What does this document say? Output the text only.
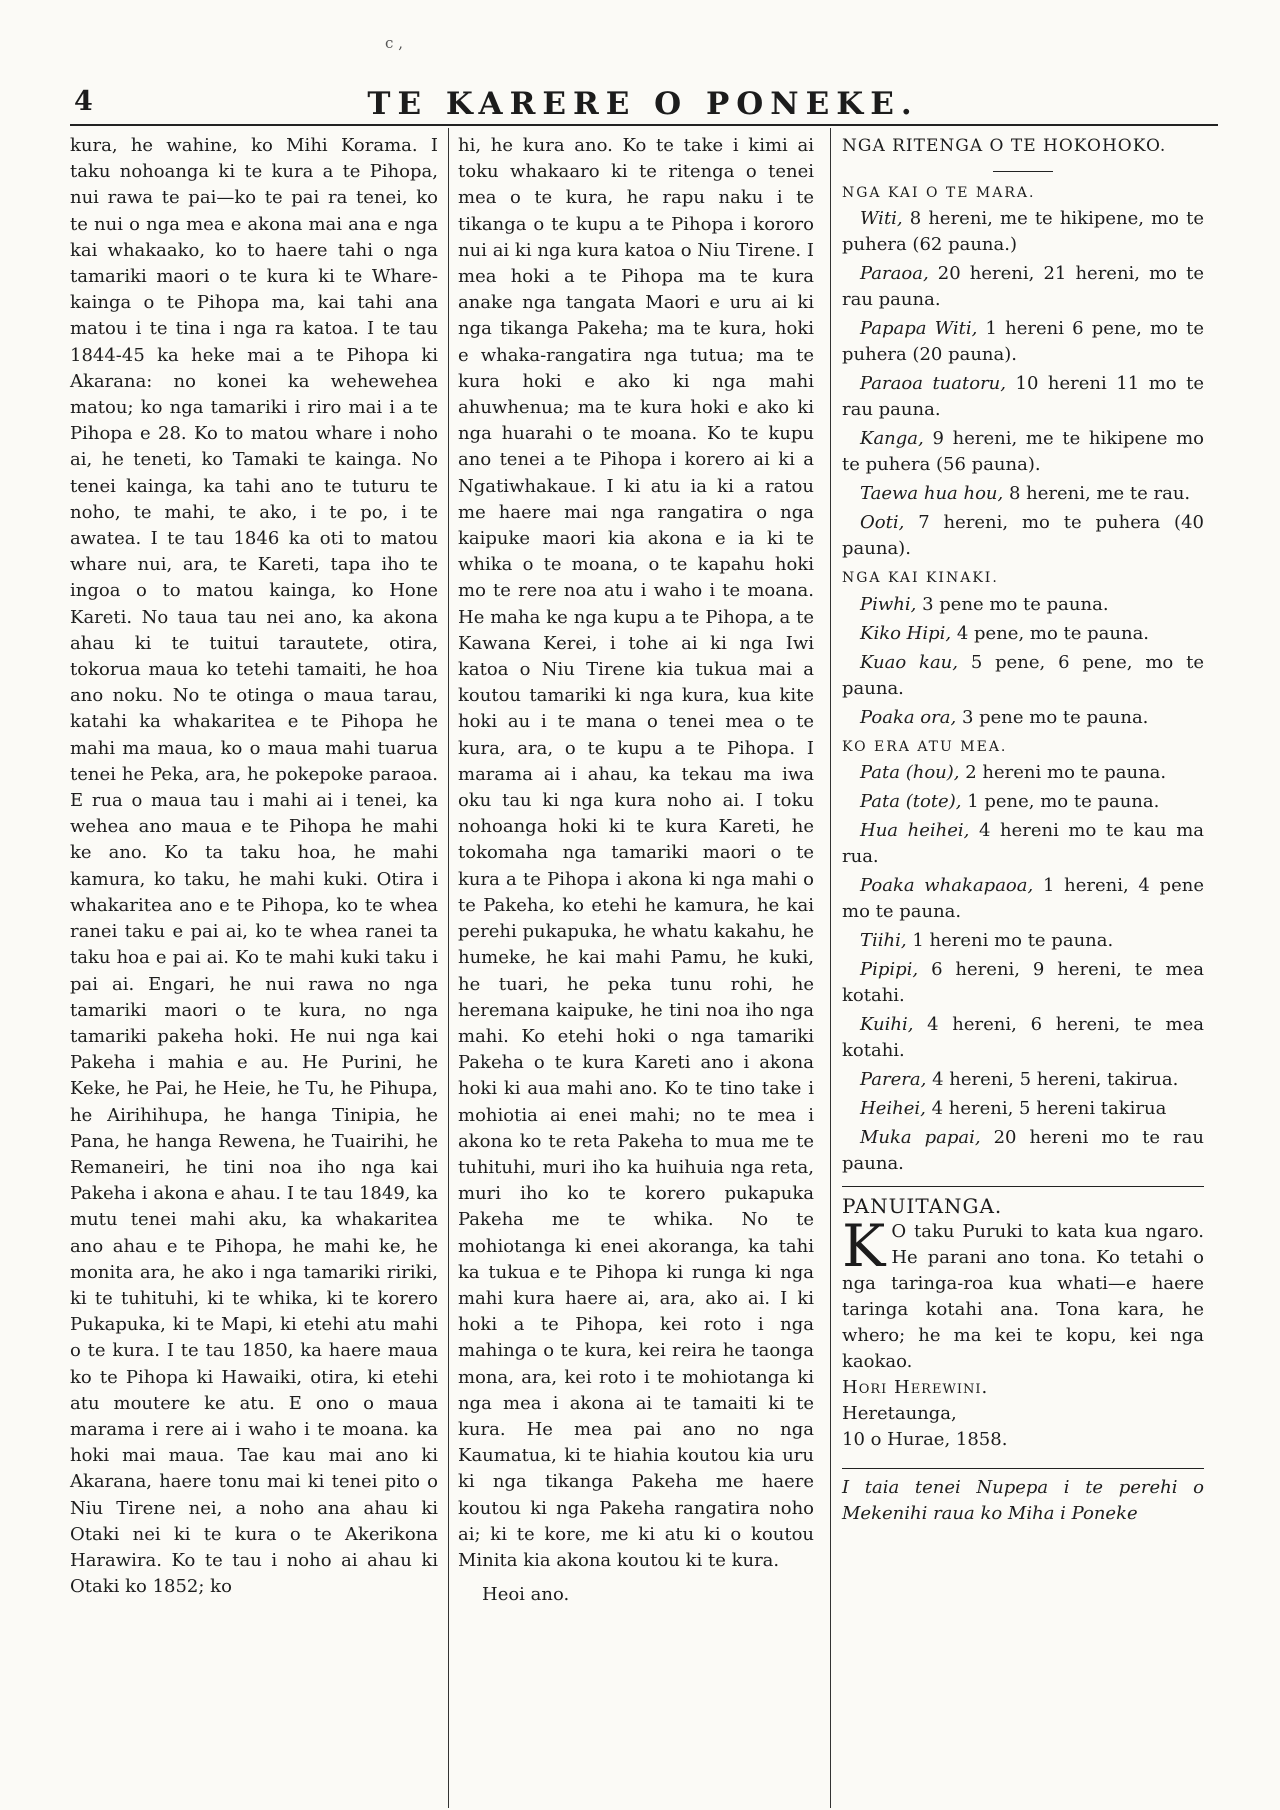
c ‚
4	TE KARERE O PONEKE.

kura, he wahine, ko Mihi Korama. I taku nohoanga ki te kura a te Pihopa, nui rawa te pai—ko te pai ra tenei, ko te nui o nga mea e akona mai ana e nga kai whakaako, ko to haere tahi o nga tamariki maori o te kura ki te Whare-kainga o te Pihopa ma, kai tahi ana matou i te tina i nga ra katoa. I te tau 1844-45 ka heke mai a te Pihopa ki Akarana: no konei ka wehewehea matou; ko nga tamariki i riro mai i a te Pihopa e 28. Ko to matou whare i noho ai, he teneti, ko Tamaki te kainga. No tenei kainga, ka tahi ano te tuturu te noho, te mahi, te ako, i te po, i te awatea. I te tau 1846 ka oti to matou whare nui, ara, te Kareti, tapa iho te ingoa o to matou kainga, ko Hone Kareti. No taua tau nei ano, ka akona ahau ki te tuitui tarautete, otira, tokorua maua ko tetehi tamaiti, he hoa ano noku. No te otinga o maua tarau, katahi ka whakaritea e te Pihopa he mahi ma maua, ko o maua mahi tuarua tenei he Peka, ara, he pokepoke paraoa. E rua o maua tau i mahi ai i tenei, ka wehea ano maua e te Pihopa he mahi ke ano. Ko ta taku hoa, he mahi kamura, ko taku, he mahi kuki. Otira i whakaritea ano e te Pihopa, ko te whea ranei taku e pai ai, ko te whea ranei ta taku hoa e pai ai. Ko te mahi kuki taku i pai ai. Engari, he nui rawa no nga tamariki maori o te kura, no nga tamariki pakeha hoki. He nui nga kai Pakeha i mahia e au. He Purini, he Keke, he Pai, he Heie, he Tu, he Pihupa, he Airihihupa, he hanga Tinipia, he Pana, he hanga Rewena, he Tuairihi, he Remaneiri, he tini noa iho nga kai Pakeha i akona e ahau. I te tau 1849, ka mutu tenei mahi aku, ka whakaritea ano ahau e te Pihopa, he mahi ke, he monita ara, he ako i nga tamariki ririki, ki te tuhituhi, ki te whika, ki te korero Pukapuka, ki te Mapi, ki etehi atu mahi o te kura. I te tau 1850, ka haere maua ko te Pihopa ki Hawaiki, otira, ki etehi atu moutere ke atu. E ono o maua marama i rere ai i waho i te moana. ka hoki mai maua. Tae kau mai ano ki Akarana, haere tonu mai ki tenei pito o Niu Tirene nei, a noho ana ahau ki Otaki nei ki te kura o te Akerikona Harawira. Ko te tau i noho ai ahau ki Otaki ko 1852; ko

hi, he kura ano. Ko te take i kimi ai toku whakaaro ki te ritenga o tenei mea o te kura, he rapu naku i te tikanga o te kupu a te Pihopa i kororo nui ai ki nga kura katoa o Niu Tirene. I mea hoki a te Pihopa ma te kura anake nga tangata Maori e uru ai ki nga tikanga Pakeha; ma te kura, hoki e whaka-rangatira nga tutua; ma te kura hoki e ako ki nga mahi ahuwhenua; ma te kura hoki e ako ki nga huarahi o te moana. Ko te kupu ano tenei a te Pihopa i korero ai ki a Ngatiwhakaue. I ki atu ia ki a ratou me haere mai nga rangatira o nga kaipuke maori kia akona e ia ki te whika o te moana, o te kapahu hoki mo te rere noa atu i waho i te moana. He maha ke nga kupu a te Pihopa, a te Kawana Kerei, i tohe ai ki nga Iwi katoa o Niu Tirene kia tukua mai a koutou tamariki ki nga kura, kua kite hoki au i te mana o tenei mea o te kura, ara, o te kupu a te Pihopa. I marama ai i ahau, ka tekau ma iwa oku tau ki nga kura noho ai. I toku nohoanga hoki ki te kura Kareti, he tokomaha nga tamariki maori o te kura a te Pihopa i akona ki nga mahi o te Pakeha, ko etehi he kamura, he kai perehi pukapuka, he whatu kakahu, he humeke, he kai mahi Pamu, he kuki, he tuari, he peka tunu rohi, he heremana kaipuke, he tini noa iho nga mahi. Ko etehi hoki o nga tamariki Pakeha o te kura Kareti ano i akona hoki ki aua mahi ano. Ko te tino take i mohiotia ai enei mahi; no te mea i akona ko te reta Pakeha to mua me te tuhituhi, muri iho ka huihuia nga reta, muri iho ko te korero pukapuka Pakeha me te whika. No te mohiotanga ki enei akoranga, ka tahi ka tukua e te Pihopa ki runga ki nga mahi kura haere ai, ara, ako ai. I ki hoki a te Pihopa, kei roto i nga mahinga o te kura, kei reira he taonga mona, ara, kei roto i te mohiotanga ki nga mea i akona ai te tamaiti ki te kura. He mea pai ano no nga Kaumatua, ki te hiahia koutou kia uru ki nga tikanga Pakeha me haere koutou ki nga Pakeha rangatira noho ai; ki te kore, me ki atu ki o koutou Minita kia akona koutou ki te kura.

Heoi ano.

NGA RITENGA O TE HOKOHOKO.

NGA KAI O TE MARA.

Witi, 8 hereni, me te hikipene, mo te puhera (62 pauna.)

Paraoa, 20 hereni, 21 hereni, mo te rau pauna.

Papapa Witi, 1 hereni 6 pene, mo te puhera (20 pauna).

Paraoa tuatoru, 10 hereni 11 mo te rau pauna.

Kanga, 9 hereni, me te hikipene mo te puhera (56 pauna).

Taewa hua hou, 8 hereni, me te rau.

Ooti, 7 hereni, mo te puhera (40 pauna).

NGA KAI KINAKI.

Piwhi, 3 pene mo te pauna.

Kiko Hipi, 4 pene, mo te pauna.

Kuao kau, 5 pene, 6 pene, mo te pauna.

Poaka ora, 3 pene mo te pauna.

KO ERA ATU MEA.

Pata (hou), 2 hereni mo te pauna.

Pata (tote), 1 pene, mo te pauna.

Hua heihei, 4 hereni mo te kau ma rua.

Poaka whakapaoa, 1 hereni, 4 pene mo te pauna.

Tiihi, 1 hereni mo te pauna.

Pipipi, 6 hereni, 9 hereni, te mea kotahi.

Kuihi, 4 hereni, 6 hereni, te mea kotahi.

Parera, 4 hereni, 5 hereni, takirua.

Heihei, 4 hereni, 5 hereni takirua

Muka papai, 20 hereni mo te rau pauna.

PANUITANGA.

K O taku Puruki to kata kua ngaro. He parani ano tona. Ko tetahi o nga taringa-roa kua whati—e haere taringa kotahi ana. Tona kara, he whero; he ma kei te kopu, kei nga kaokao.

Hori Herewini.

Heretaunga,

10 o Hurae, 1858.

I taia tenei Nupepa i te perehi o Mekenihi raua ko Miha i Poneke
